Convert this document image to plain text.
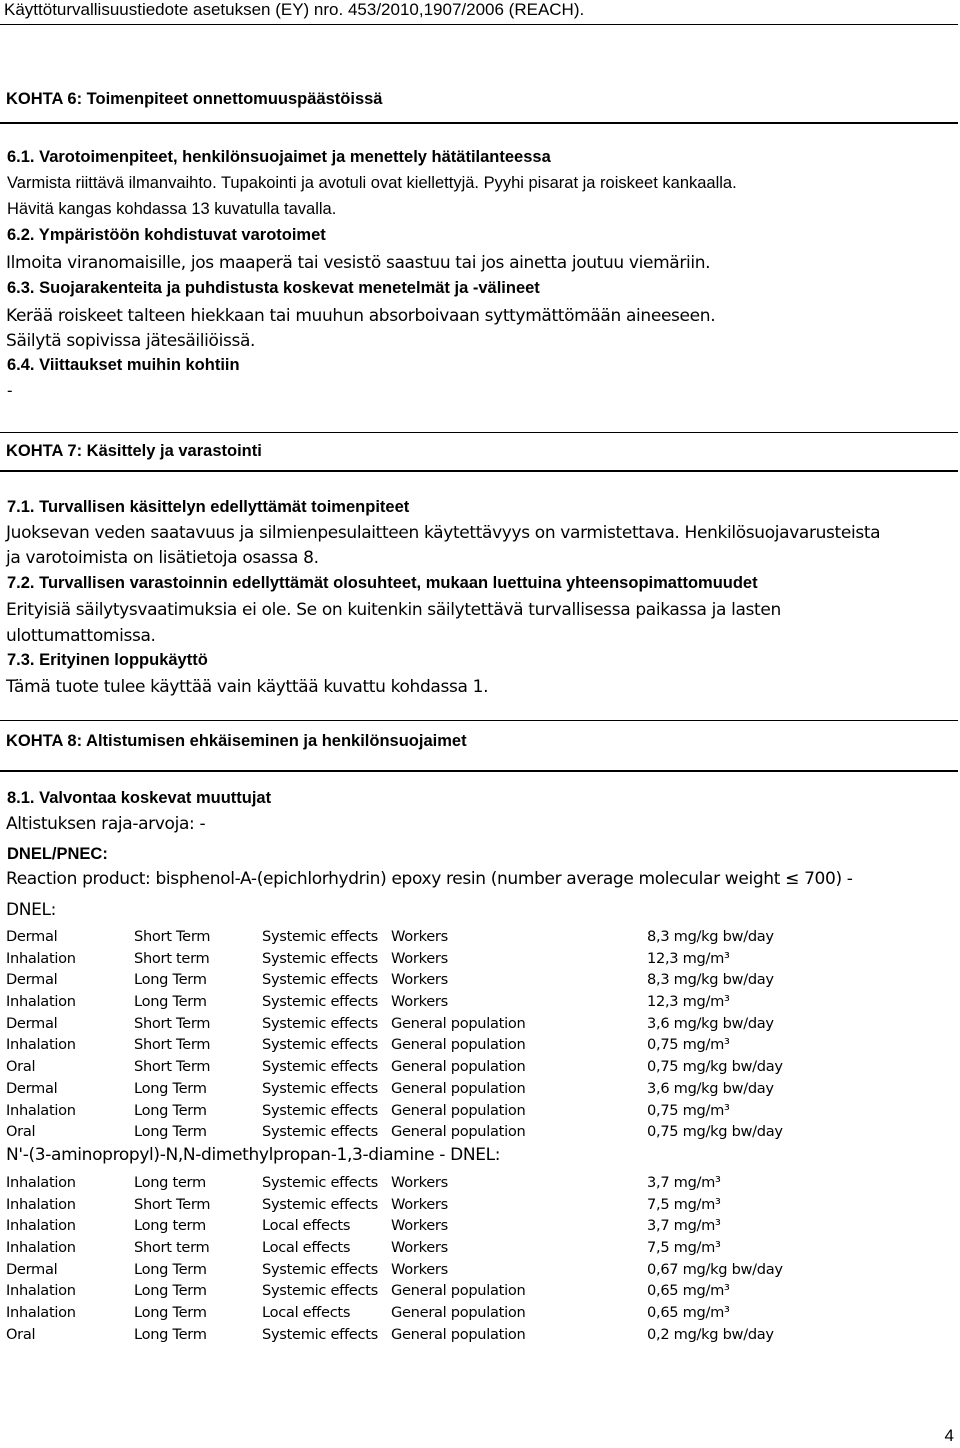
Käyttöturvallisuustiedote asetuksen (EY) nro. 453/2010,1907/2006 (REACH).
KOHTA 6: Toimenpiteet onnettomuuspäästöissä
6.1. Varotoimenpiteet, henkilönsuojaimet ja menettely hätätilanteessa
Varmista riittävä ilmanvaihto. Tupakointi ja avotuli ovat kiellettyjä. Pyyhi pisarat ja roiskeet kankaalla.
Hävitä kangas kohdassa 13 kuvatulla tavalla.
6.2. Ympäristöön kohdistuvat varotoimet
Ilmoita viranomaisille, jos maaperä tai vesistö saastuu tai jos ainetta joutuu viemäriin.
6.3. Suojarakenteita ja puhdistusta koskevat menetelmät ja -välineet
Kerää roiskeet talteen hiekkaan tai muuhun absorboivaan syttymättömään aineeseen.
Säilytä sopivissa jätesäiliöissä.
6.4. Viittaukset muihin kohtiin
-
KOHTA 7: Käsittely ja varastointi
7.1. Turvallisen käsittelyn edellyttämät toimenpiteet
Juoksevan veden saatavuus ja silmienpesulaitteen käytettävyys on varmistettava. Henkilösuojavarusteista
ja varotoimista on lisätietoja osassa 8.
7.2. Turvallisen varastoinnin edellyttämät olosuhteet, mukaan luettuina yhteensopimattomuudet
Erityisiä säilytysvaatimuksia ei ole. Se on kuitenkin säilytettävä turvallisessa paikassa ja lasten
ulottumattomissa.
7.3. Erityinen loppukäyttö
Tämä tuote tulee käyttää vain käyttää kuvattu kohdassa 1.
KOHTA 8: Altistumisen ehkäiseminen ja henkilönsuojaimet
8.1. Valvontaa koskevat muuttujat
Altistuksen raja-arvoja: -
DNEL/PNEC:
Reaction product: bisphenol-A-(epichlorhydrin) epoxy resin (number average molecular weight ≤ 700) -
DNEL:
Dermal	Short Term	Systemic effects Workers	8,3 mg/kg bw/day
Inhalation	Short term	Systemic effects Workers	12,3 mg/m³
Dermal	Long Term	Systemic effects Workers	8,3 mg/kg bw/day
Inhalation	Long Term	Systemic effects Workers	12,3 mg/m³
Dermal	Short Term	Systemic effects General population	3,6 mg/kg bw/day
Inhalation	Short Term	Systemic effects General population	0,75 mg/m³
Oral	Short Term	Systemic effects General population	0,75 mg/kg bw/day
Dermal	Long Term	Systemic effects General population	3,6 mg/kg bw/day
Inhalation	Long Term	Systemic effects General population	0,75 mg/m³
Oral	Long Term	Systemic effects General population	0,75 mg/kg bw/day
N'-(3-aminopropyl)-N,N-dimethylpropan-1,3-diamine - DNEL:
Inhalation	Long term	Systemic effects Workers	3,7 mg/m³
Inhalation	Short Term	Systemic effects Workers	7,5 mg/m³
Inhalation	Long term	Local effects	Workers	3,7 mg/m³
Inhalation	Short term	Local effects	Workers	7,5 mg/m³
Dermal	Long Term	Systemic effects Workers	0,67 mg/kg bw/day
Inhalation	Long Term	Systemic effects General population	0,65 mg/m³
Inhalation	Long Term	Local effects	General population	0,65 mg/m³
Oral	Long Term	Systemic effects General population	0,2 mg/kg bw/day
4
